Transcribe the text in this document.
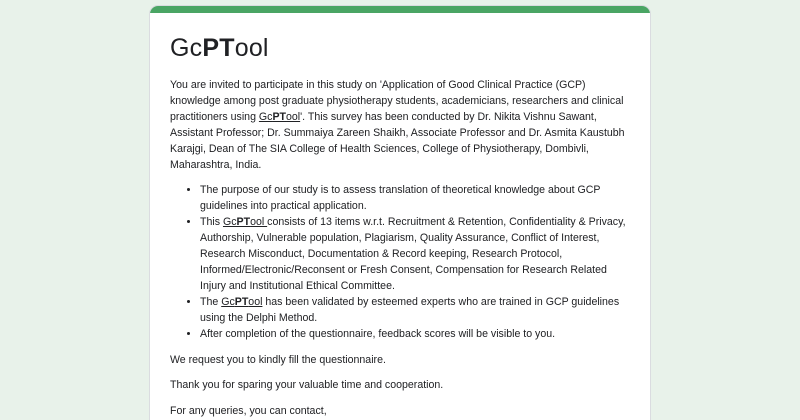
GcPTool

You are invited to participate in this study on 'Application of Good Clinical Practice (GCP) knowledge among post graduate physiotherapy students, academicians, researchers and clinical practitioners using GcPTool'. This survey has been conducted by Dr. Nikita Vishnu Sawant, Assistant Professor; Dr. Summaiya Zareen Shaikh, Associate Professor and Dr. Asmita Kaustubh Karajgi, Dean of The SIA College of Health Sciences, College of Physiotherapy, Dombivli, Maharashtra, India.

• The purpose of our study is to assess translation of theoretical knowledge about GCP guidelines into practical application.
• This GcPTool consists of 13 items w.r.t. Recruitment & Retention, Confidentiality & Privacy, Authorship, Vulnerable population, Plagiarism, Quality Assurance, Conflict of Interest, Research Misconduct, Documentation & Record keeping, Research Protocol, Informed/Electronic/Reconsent or Fresh Consent, Compensation for Research Related Injury and Institutional Ethical Committee.
• The GcPTool has been validated by esteemed experts who are trained in GCP guidelines using the Delphi Method.
• After completion of the questionnaire, feedback scores will be visible to you.

We request you to kindly fill the questionnaire.

Thank you for sparing your valuable time and cooperation.

For any queries, you can contact,
